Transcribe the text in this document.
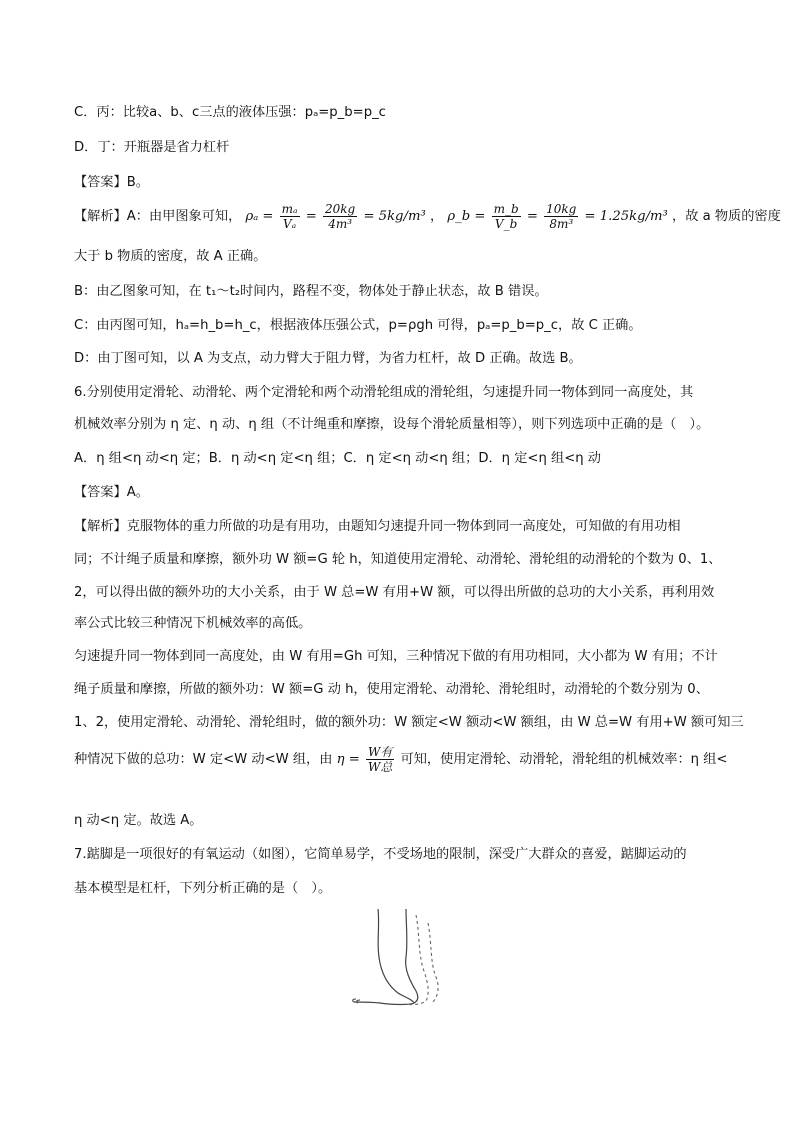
C．丙：比较a、b、c三点的液体压强：pₐ=p_b=p_c
D．丁：开瓶器是省力杠杆
【答案】B。
【解析】A：由甲图象可知， $\rho_a = \frac{\text{mₐ}}{\text{Vₐ}} = \frac{20kg}{\text{4m³}} = 5kg/m^3$ ， ρ_b = $\frac{m\_b}{V\_b} = \frac{10kg}{\text{8m³}} = 1.25kg/m^3$ ，故 a 物质的密度
大于 b 物质的密度，故 A 正确。
B：由乙图象可知，在 t₁～t₂时间内，路程不变，物体处于静止状态，故 B 错误。
C：由丙图可知，hₐ=h_b=h_c，根据液体压强公式，p=ρgh 可得，pₐ=p_b=p_c，故 C 正确。
D：由丁图可知，以 A 为支点，动力臂大于阻力臂，为省力杠杆，故 D 正确。故选 B。
6.分别使用定滑轮、动滑轮、两个定滑轮和两个动滑轮组成的滑轮组，匀速提升同一物体到同一高度处，其
机械效率分别为 η 定、η 动、η 组（不计绳重和摩擦，设每个滑轮质量相等），则下列选项中正确的是（　）。
A．η 组<η 动<η 定；B．η 动<η 定<η 组；C．η 定<η 动<η 组；D．η 定<η 组<η 动
【答案】A。
【解析】克服物体的重力所做的功是有用功，由题知匀速提升同一物体到同一高度处，可知做的有用功相
同；不计绳子质量和摩擦，额外功 W 额=G 轮 h，知道使用定滑轮、动滑轮、滑轮组的动滑轮的个数为 0、1、
2，可以得出做的额外功的大小关系，由于 W 总=W 有用+W 额，可以得出所做的总功的大小关系，再利用效
率公式比较三种情况下机械效率的高低。
匀速提升同一物体到同一高度处，由 W 有用=Gh 可知，三种情况下做的有用功相同，大小都为 W 有用；不计
绳子质量和摩擦，所做的额外功：W 额=G 动 h，使用定滑轮、动滑轮、滑轮组时，动滑轮的个数分别为 0、
1、2，使用定滑轮、动滑轮、滑轮组时，做的额外功：W 额定<W 额动<W 额组，由 W 总=W 有用+W 额可知三
种情况下做的总功：W 定<W 动<W 组，由 $\eta = \frac{\text{W有}}{\text{W总}}$ 可知，使用定滑轮、动滑轮，滑轮组的机械效率：η 组<
η 动<η 定。故选 A。
7.踮脚是一项很好的有氧运动（如图），它简单易学，不受场地的限制，深受广大群众的喜爱，踮脚运动的
基本模型是杠杆，下列分析正确的是（　）。
